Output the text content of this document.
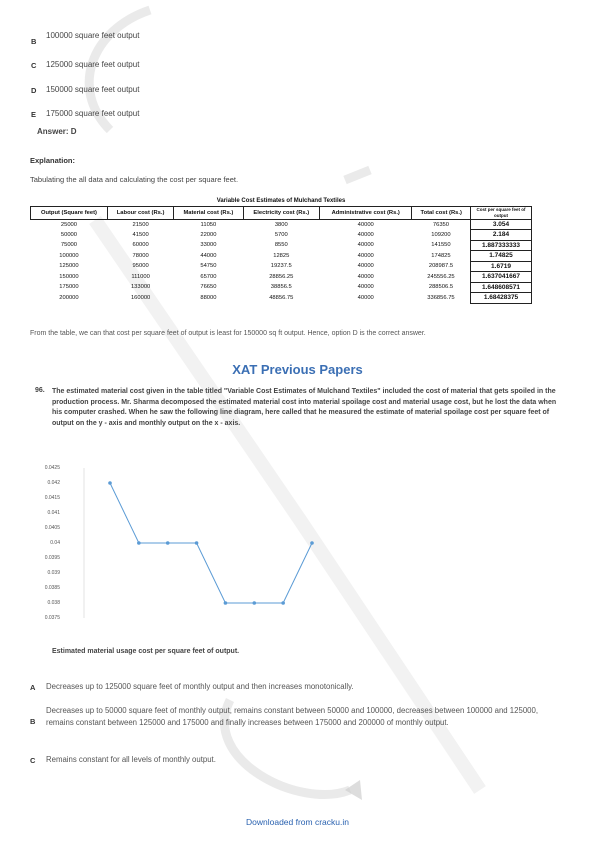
B
100000 square feet output
C 125000 square feet output
D 150000 square feet output
E 175000 square feet output
Answer: D
Explanation:
Tabulating the all data and calculating the cost per square feet.
Variable Cost Estimates of Mulchand Textiles						
Output (Square feet)	Labour cost (Rs.)	Material cost (Rs.)	Electricity cost (Rs.)	Administrative cost (Rs.)	Total cost (Rs.)	Cost per square feet of output
25000	21500	11050	3800	40000	76350	3.054
50000	41500	22000	5700	40000	109200	2.184
75000	60000	33000	8550	40000	141550	1.887333333
100000	78000	44000	12825	40000	174825	1.74825
125000	95000	54750	19237.5	40000	208987.5	1.6719
150000	111000	65700	28856.25	40000	245556.25	1.637041667
175000	133000	76650	38856.5	40000	288506.5	1.648608571
200000	160000	88000	48856.75	40000	336856.75	1.68428375
From the table, we can that cost per square feet of output is least for 150000 sq ft output. Hence, option D is the correct answer.
XAT Previous Papers
96. The estimated material cost given in the table titled "Variable Cost Estimates of Mulchand Textiles" included the cost of material that gets spoiled in the production process. Mr. Sharma decomposed the estimated material cost into material spoilage cost and material usage cost, but he lost the data when his computer crashed. When he saw the following line diagram, here called that he measured the estimate of material spoilage cost per square feet of output on the y - axis and monthly output on the x - axis.
0.0425
0.042
0.0415
0.041
0.0405
0.04
0.0395
0.039
0.0385
0.038
0.0375
Estimated material usage cost per square feet of output.
A Decreases up to 125000 square feet of monthly output and then increases monotonically.
B
Decreases up to 50000 square feet of monthly output, remains constant between 50000 and 100000, decreases between 100000 and 125000, remains constant between 125000 and 175000 and finally increases between 175000 and 200000 of monthly output.
C Remains constant for all levels of monthly output.
Downloaded from cracku.in
